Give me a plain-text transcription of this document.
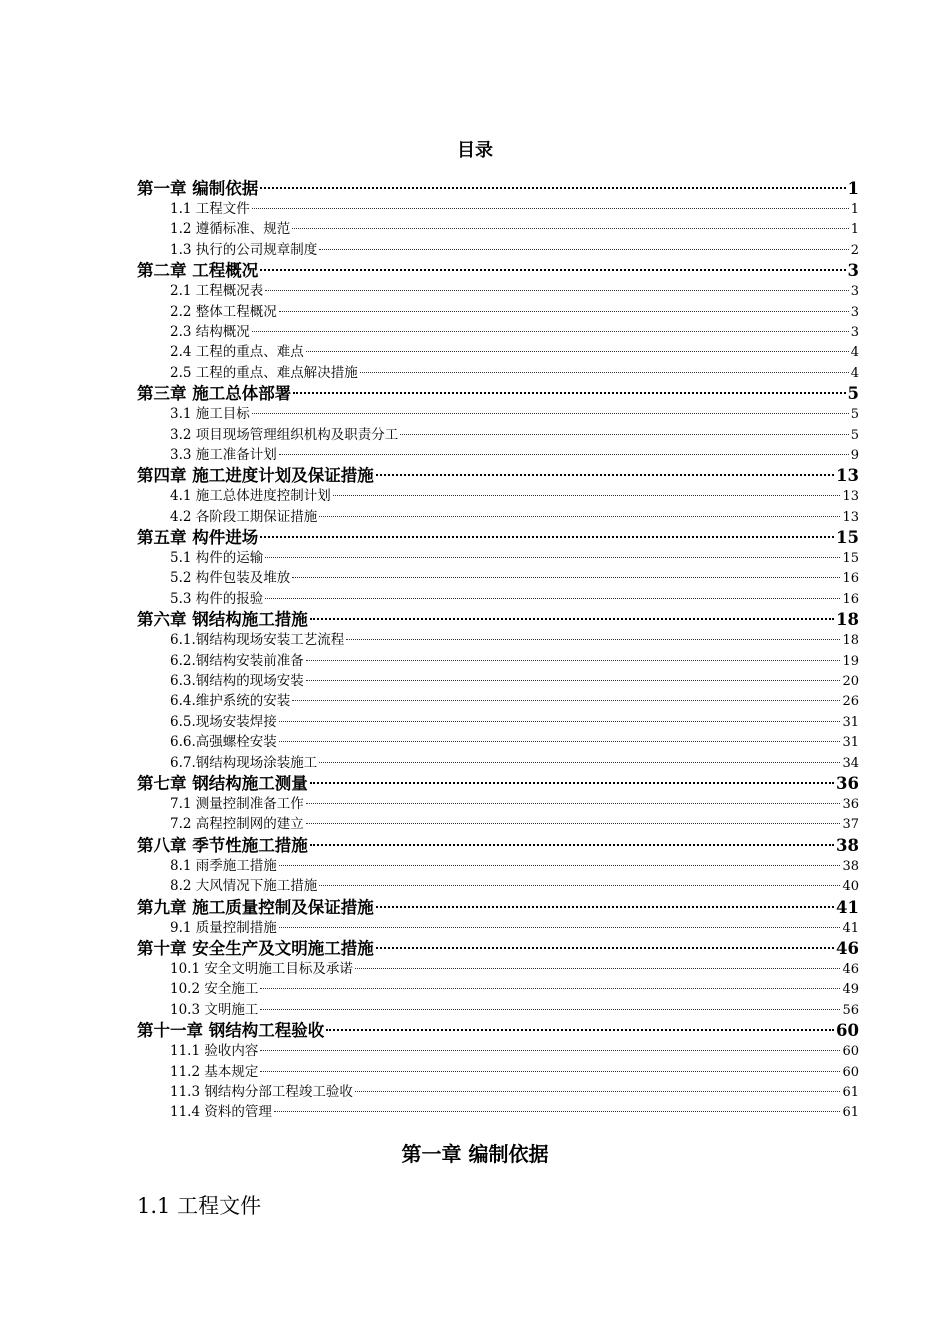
目录
第一章 编制依据	1
1.1 工程文件	1
1.2 遵循标准、规范	1
1.3 执行的公司规章制度	2
第二章 工程概况	3
2.1 工程概况表	3
2.2 整体工程概况	3
2.3 结构概况	3
2.4 工程的重点、难点	4
2.5 工程的重点、难点解决措施	4
第三章 施工总体部署	5
3.1 施工目标	5
3.2 项目现场管理组织机构及职责分工	5
3.3 施工准备计划	9
第四章 施工进度计划及保证措施	13
4.1 施工总体进度控制计划	13
4.2 各阶段工期保证措施	13
第五章 构件进场	15
5.1 构件的运输	15
5.2 构件包装及堆放	16
5.3 构件的报验	16
第六章 钢结构施工措施	18
6.1.钢结构现场安装工艺流程	18
6.2.钢结构安装前准备	19
6.3.钢结构的现场安装	20
6.4.维护系统的安装	26
6.5.现场安装焊接	31
6.6.高强螺栓安装	31
6.7.钢结构现场涂装施工	34
第七章 钢结构施工测量	36
7.1 测量控制准备工作	36
7.2 高程控制网的建立	37
第八章 季节性施工措施	38
8.1 雨季施工措施	38
8.2 大风情况下施工措施	40
第九章 施工质量控制及保证措施	41
9.1 质量控制措施	41
第十章 安全生产及文明施工措施	46
10.1 安全文明施工目标及承诺	46
10.2 安全施工	49
10.3 文明施工	56
第十一章 钢结构工程验收	60
11.1 验收内容	60
11.2 基本规定	60
11.3 钢结构分部工程竣工验收	61
11.4 资料的管理	61
第一章 编制依据
1.1 工程文件
